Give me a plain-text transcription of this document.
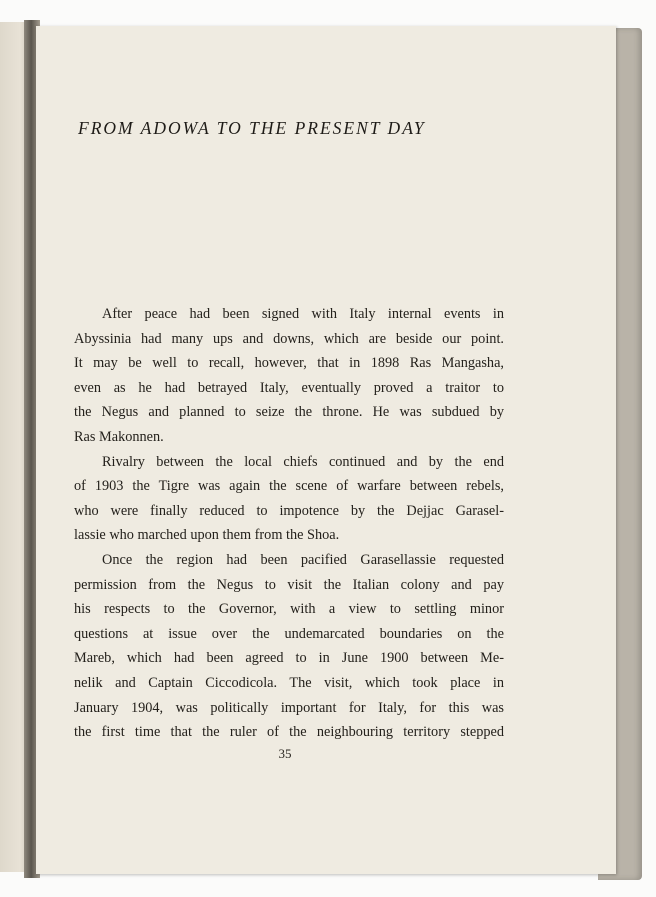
FROM ADOWA TO THE PRESENT DAY
After peace had been signed with Italy internal events in
Abyssinia had many ups and downs, which are beside our point.
It may be well to recall, however, that in 1898 Ras Mangasha,
even as he had betrayed Italy, eventually proved a traitor to
the Negus and planned to seize the throne. He was subdued by
Ras Makonnen.
Rivalry between the local chiefs continued and by the end
of 1903 the Tigre was again the scene of warfare between rebels,
who were finally reduced to impotence by the Dejjac Garasel-
lassie who marched upon them from the Shoa.
Once the region had been pacified Garasellassie requested
permission from the Negus to visit the Italian colony and pay
his respects to the Governor, with a view to settling minor
questions at issue over the undemarcated boundaries on the
Mareb, which had been agreed to in June 1900 between Me-
nelik and Captain Ciccodicola. The visit, which took place in
January 1904, was politically important for Italy, for this was
the first time that the ruler of the neighbouring territory stepped
35
